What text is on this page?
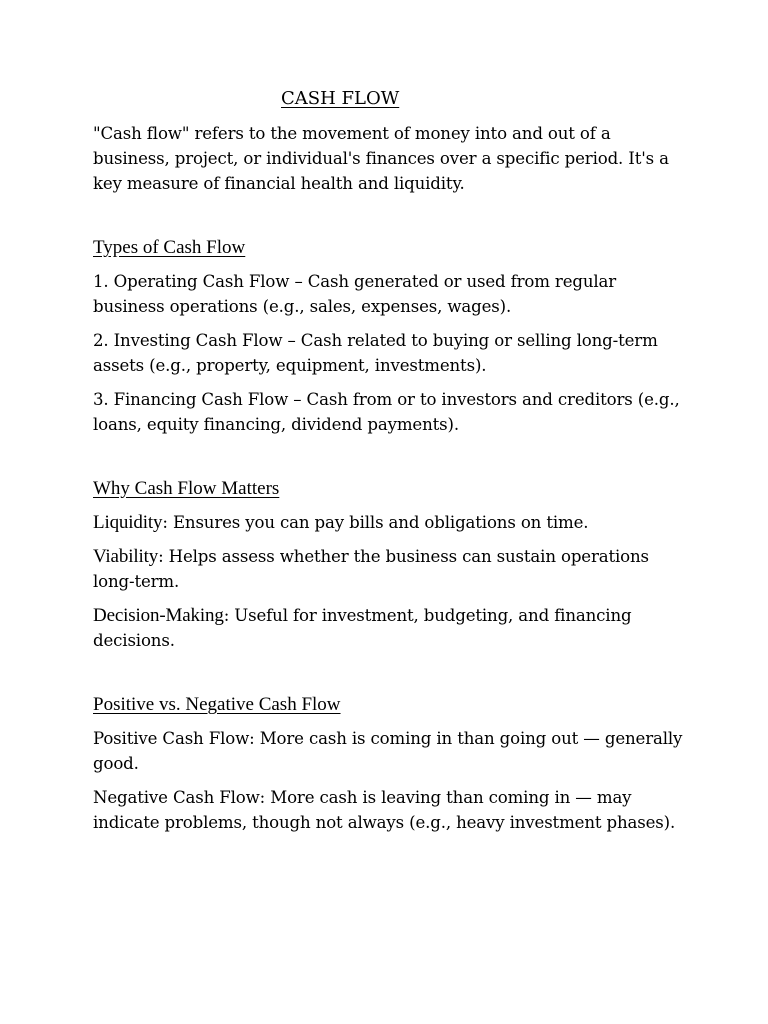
CASH FLOW

"Cash flow" refers to the movement of money into and out of a business, project, or individual's finances over a specific period. It's a key measure of financial health and liquidity.

Types of Cash Flow

1. Operating Cash Flow – Cash generated or used from regular business operations (e.g., sales, expenses, wages).

2. Investing Cash Flow – Cash related to buying or selling long-term assets (e.g., property, equipment, investments).

3. Financing Cash Flow – Cash from or to investors and creditors (e.g., loans, equity financing, dividend payments).

Why Cash Flow Matters

Liquidity: Ensures you can pay bills and obligations on time.

Viability: Helps assess whether the business can sustain operations long-term.

Decision-Making: Useful for investment, budgeting, and financing decisions.

Positive vs. Negative Cash Flow

Positive Cash Flow: More cash is coming in than going out — generally good.

Negative Cash Flow: More cash is leaving than coming in — may indicate problems, though not always (e.g., heavy investment phases).
